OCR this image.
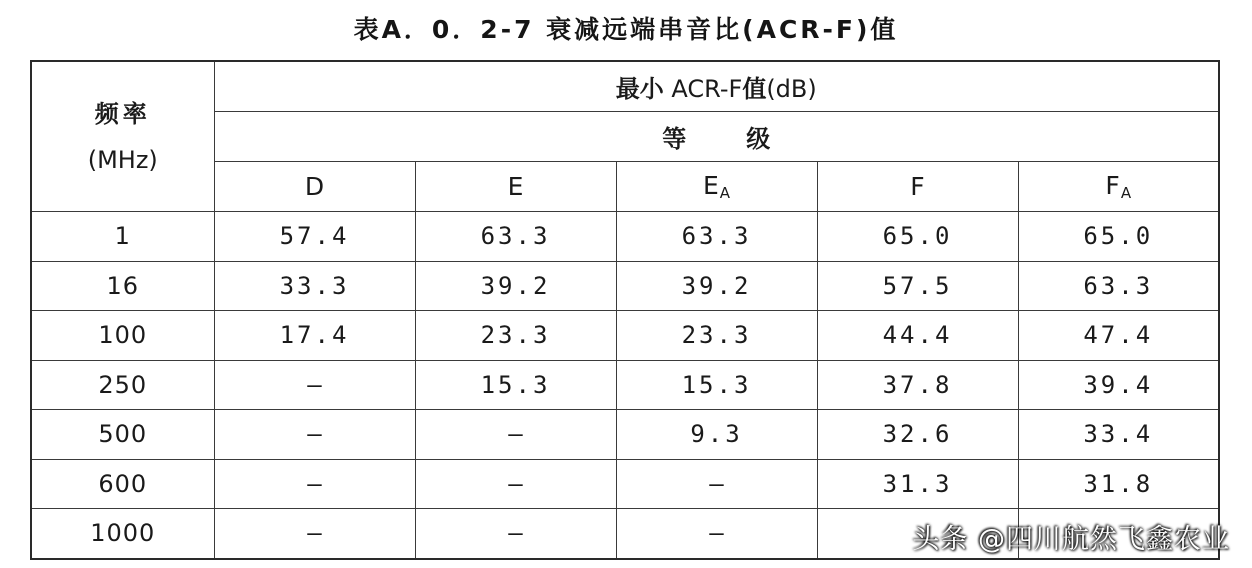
表A．0．2-7 衰减远端串音比(ACR-F)值
频率
(MHz)	最小 ACR-F值(dB)				
	等级				
	D	E	$E_A$	F	$F_A$
1	57.4	63.3	63.3	65.0	65.0
16	33.3	39.2	39.2	57.5	63.3
100	17.4	23.3	23.3	44.4	47.4
250	—	15.3	15.3	37.8	39.4
500	—	—	9.3	32.6	33.4
600	—	—	—	31.3	31.8
1000	—	—	—			头条 @四川航然飞鑫农业
